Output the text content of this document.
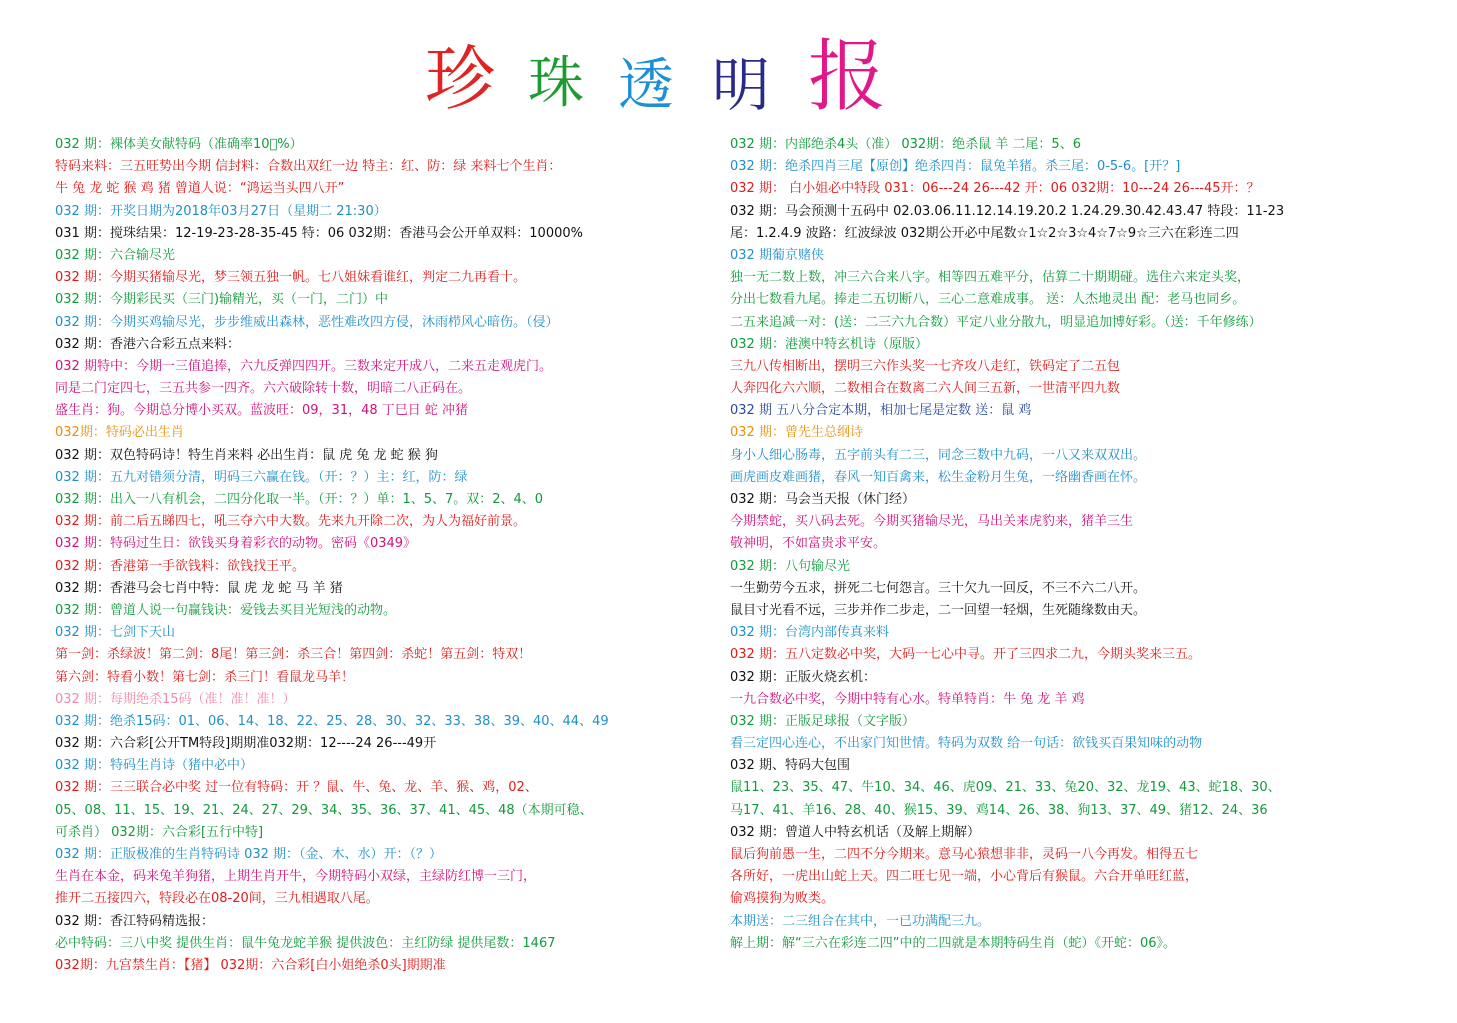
珍 珠 透 明 报
032 期：裸体美女献特码（准确率10 %）
特码来料：三五旺势出今期 信封料：合数出双红一边 特主：红、防：绿 来料七个生肖：
牛 兔 龙 蛇 猴 鸡 猪 曾道人说：“鸿运当头四八开”
032 期：开奖日期为2018年03月27日（星期二 21:30）
031 期：搅珠结果：12-19-23-28-35-45 特：06 032期：香港马会公开单双料：10000%
032 期：六合输尽光
032 期：今期买猪输尽光，梦三领五独一帆。七八姐妹看谁红，判定二九再看十。
032 期：今期彩民买（三门)输精光，买（一门，二门）中
032 期：今期买鸡输尽光，步步维威出森林，恶性难改四方侵，沐雨栉风心暗伤。（侵）
032 期：香港六合彩五点来料：
032 期特中：今期一三值追捧，六九反弹四四开。三数来定开成八，二来五走观虎门。
同是二门定四七，三五共参一四齐。六六破除转十数，明暗二八正码在。
盛生肖：狗。今期总分博小买双。蓝波旺：09，31，48 丁巳日 蛇 冲猪
032期：特码必出生肖
032 期：双色特码诗！特生肖来料 必出生肖：鼠 虎 兔 龙 蛇 猴 狗
032 期：五九对错须分清，明码三六赢在钱。（开：？）主：红，防：绿
032 期：出入一八有机会，二四分化取一半。（开：？）单：1、5、7。双：2、4、0
032 期：前二后五睇四七，吼三夺六中大数。先来九开除二次，为人为福好前景。
032 期：特码过生日：欲钱买身着彩衣的动物。密码《0349》
032 期：香港第一手欲钱料：欲钱找王平。
032 期：香港马会七肖中特：鼠 虎 龙 蛇 马 羊 猪
032 期：曾道人说一句赢钱诀：爱钱去买目光短浅的动物。
032 期：七剑下天山
第一剑：杀绿波！第二剑：8尾！第三剑：杀三合！第四剑：杀蛇！第五剑：特双！
第六剑：特看小数！第七剑：杀三门！看鼠龙马羊！
032 期：每期绝杀15码（准！准！准！）
032 期：绝杀15码：01、06、14、18、22、25、28、30、32、33、38、39、40、44、49
032 期：六合彩[公开TM特段]期期准032期：12----24 26---49开
032 期：特码生肖诗（猪中必中）
032 期：三三联合必中奖 过一位有特码：开 ？鼠、牛、兔、龙、羊、猴、鸡，02、
05、08、11、15、19、21、24、27、29、34、35、36、37、41、45、48（本期可稳、
可杀肖） 032期：六合彩[五行中特]
032 期：正版极准的生肖特码诗 032 期：（金、木、水）开：（？）
生肖在本金，码来兔羊狗猪，上期生肖开牛，今期特码小双绿，主绿防红博一三门，
推开二五接四六，特段必在08-20间，三九相遇取八尾。
032 期：香江特码精选报：
必中特码：三八中奖 提供生肖：鼠牛兔龙蛇羊猴 提供波色：主红防绿 提供尾数：1467
032期：九宫禁生肖：【猪】 032期：六合彩[白小姐绝杀0头]期期准
032 期：内部绝杀4头（准） 032期：绝杀鼠 羊 二尾：5、6
032 期：绝杀四肖三尾【原创】绝杀四肖：鼠兔羊猪。杀三尾：0-5-6。[开？]
032 期： 白小姐必中特段 031：06---24 26---42 开：06 032期：10---24 26---45开：？
032 期：马会预测十五码中 02.03.06.11.12.14.19.20.2 1.24.29.30.42.43.47 特段：11-23
尾：1.2.4.9 波路：红波绿波 032期公开必中尾数☆1☆2☆3☆4☆7☆9☆三六在彩连二四
032 期葡京赌侠
独一无二数上数，冲三六合来八字。相等四五难平分，估算二十期期碰。选住六来定头奖，
分出七数看九尾。捧走二五切断八，三心二意难成事。 送：人杰地灵出 配：老马也同乡。
二五来追减一对：(送：二三六九合数）平定八业分散九，明显追加博好彩。（送：千年修练）
032 期：港澳中特玄机诗（原版）
三九八传相断出，摆明三六作头奖一七齐攻八走红，铁码定了二五包
人奔四化六六顺，二数相合在数离二六人间三五新，一世清平四九数
032 期 五八分合定本期，相加七尾是定数 送：鼠 鸡
032 期：曾先生总纲诗
身小人细心肠毒，五字前头有二三，同念三数中九码，一八又来双双出。
画虎画皮难画猪，春风一知百禽来，松生金粉月生兔，一络幽香画在怀。
032 期：马会当天报（休门经）
今期禁蛇，买八码去死。今期买猪输尽光，马出关来虎豹来，猪羊三生
敬神明，不如富贵求平安。
032 期：八句输尽光
一生勤劳今五求，拼死二七何怨言。三十欠九一回反，不三不六二八开。
鼠目寸光看不远，三步并作二步走，二一回望一轻烟，生死随缘数由天。
032 期：台湾内部传真来料
032 期：五八定数必中奖，大码一七心中寻。开了三四求二九，今期头奖来三五。
032 期：正版火烧玄机：
一九合数必中奖，今期中特有心水。特单特肖：牛 兔 龙 羊 鸡
032 期：正版足球报（文字版）
看三定四心连心，不出家门知世情。特码为双数 给一句话：欲钱买百果知味的动物
032 期、特码大包围
鼠11、23、35、47、牛10、34、46、虎09、21、33、兔20、32、龙19、43、蛇18、30、
马17、41、羊16、28、40、猴15、39、鸡14、26、38、狗13、37、49、猪12、24、36
032 期：曾道人中特玄机话（及解上期解）
鼠后狗前愚一生，二四不分今期来。意马心猿想非非，灵码一八今再发。相得五七
各所好，一虎出山蛇上天。四二旺七见一端，小心背后有猴鼠。六合开单旺红蓝，
偷鸡摸狗为败类。
本期送：二三组合在其中，一已功满配三九。
解上期：解“三六在彩连二四”中的二四就是本期特码生肖（蛇）《开蛇：06》。
